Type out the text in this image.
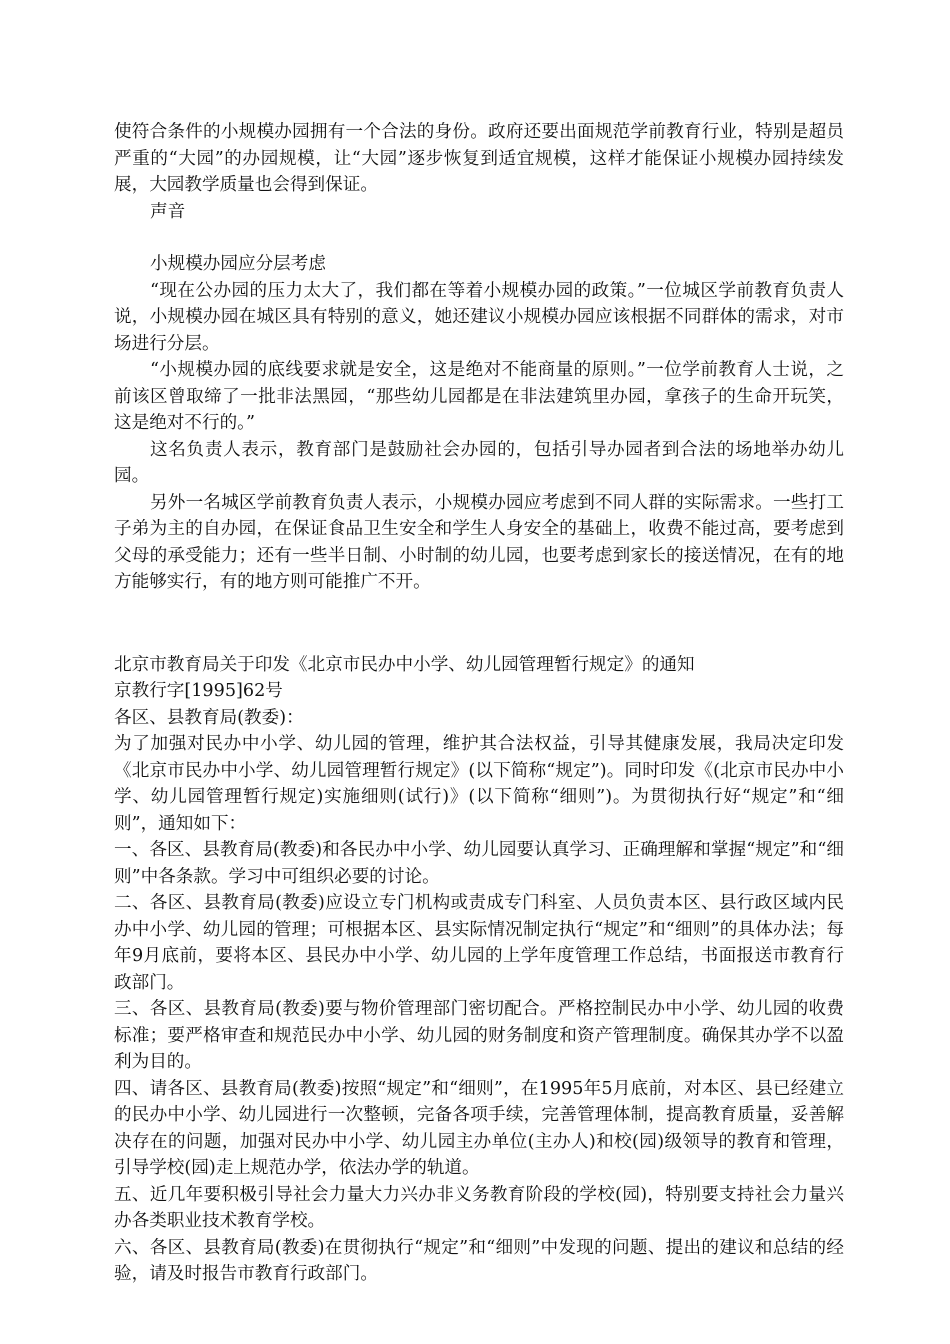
使符合条件的小规模办园拥有一个合法的身份。政府还要出面规范学前教育行业，特别是超员严重的“大园”的办园规模，让“大园”逐步恢复到适宜规模，这样才能保证小规模办园持续发展，大园教学质量也会得到保证。

声音

小规模办园应分层考虑

“现在公办园的压力太大了，我们都在等着小规模办园的政策。”一位城区学前教育负责人说，小规模办园在城区具有特别的意义，她还建议小规模办园应该根据不同群体的需求，对市场进行分层。

“小规模办园的底线要求就是安全，这是绝对不能商量的原则。”一位学前教育人士说，之前该区曾取缔了一批非法黑园，“那些幼儿园都是在非法建筑里办园，拿孩子的生命开玩笑，这是绝对不行的。”

这名负责人表示，教育部门是鼓励社会办园的，包括引导办园者到合法的场地举办幼儿园。

另外一名城区学前教育负责人表示，小规模办园应考虑到不同人群的实际需求。一些打工子弟为主的自办园，在保证食品卫生安全和学生人身安全的基础上，收费不能过高，要考虑到父母的承受能力；还有一些半日制、小时制的幼儿园，也要考虑到家长的接送情况，在有的地方能够实行，有的地方则可能推广不开。

北京市教育局关于印发《北京市民办中小学、幼儿园管理暂行规定》的通知

京教行字[1995]62号

各区、县教育局(教委)：

为了加强对民办中小学、幼儿园的管理，维护其合法权益，引导其健康发展，我局决定印发《北京市民办中小学、幼儿园管理暂行规定》(以下简称“规定”)。同时印发《(北京市民办中小学、幼儿园管理暂行规定)实施细则(试行)》(以下简称“细则”)。为贯彻执行好“规定”和“细则”，通知如下：

一、各区、县教育局(教委)和各民办中小学、幼儿园要认真学习、正确理解和掌握“规定”和“细则”中各条款。学习中可组织必要的讨论。

二、各区、县教育局(教委)应设立专门机构或责成专门科室、人员负责本区、县行政区域内民办中小学、幼儿园的管理；可根据本区、县实际情况制定执行“规定”和“细则”的具体办法；每年9月底前，要将本区、县民办中小学、幼儿园的上学年度管理工作总结，书面报送市教育行政部门。

三、各区、县教育局(教委)要与物价管理部门密切配合。严格控制民办中小学、幼儿园的收费标准；要严格审查和规范民办中小学、幼儿园的财务制度和资产管理制度。确保其办学不以盈利为目的。

四、请各区、县教育局(教委)按照“规定”和“细则”，在1995年5月底前，对本区、县已经建立的民办中小学、幼儿园进行一次整顿，完备各项手续，完善管理体制，提高教育质量，妥善解决存在的问题，加强对民办中小学、幼儿园主办单位(主办人)和校(园)级领导的教育和管理，引导学校(园)走上规范办学，依法办学的轨道。

五、近几年要积极引导社会力量大力兴办非义务教育阶段的学校(园)，特别要支持社会力量兴办各类职业技术教育学校。

六、各区、县教育局(教委)在贯彻执行“规定”和“细则”中发现的问题、提出的建议和总结的经验，请及时报告市教育行政部门。
